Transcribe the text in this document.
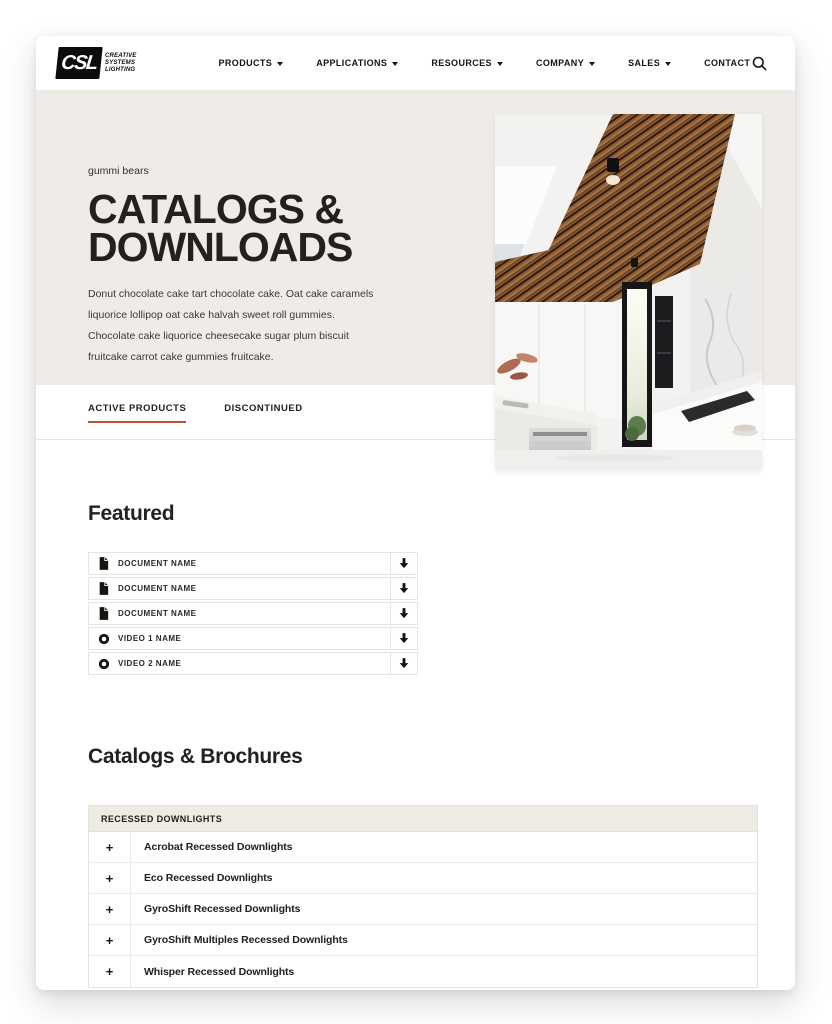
CSL	CREATIVE
SYSTEMS
LIGHTING
PRODUCTS	APPLICATIONS	RESOURCES	COMPANY	SALES	CONTACT
gummi bears
CATALOGS &
DOWNLOADS

Donut chocolate cake tart chocolate cake. Oat cake caramels liquorice lollipop oat cake halvah sweet roll gummies. Chocolate cake liquorice cheesecake sugar plum biscuit fruitcake carrot cake gummies fruitcake.

ACTIVE PRODUCTS	DISCONTINUED
Featured
DOCUMENT NAME
DOCUMENT NAME
DOCUMENT NAME
VIDEO 1 NAME
VIDEO 2 NAME
Catalogs & Brochures
RECESSED DOWNLIGHTS
+	Acrobat Recessed Downlights
+	Eco Recessed Downlights
+	GyroShift Recessed Downlights
+	GyroShift Multiples Recessed Downlights
+	Whisper Recessed Downlights
